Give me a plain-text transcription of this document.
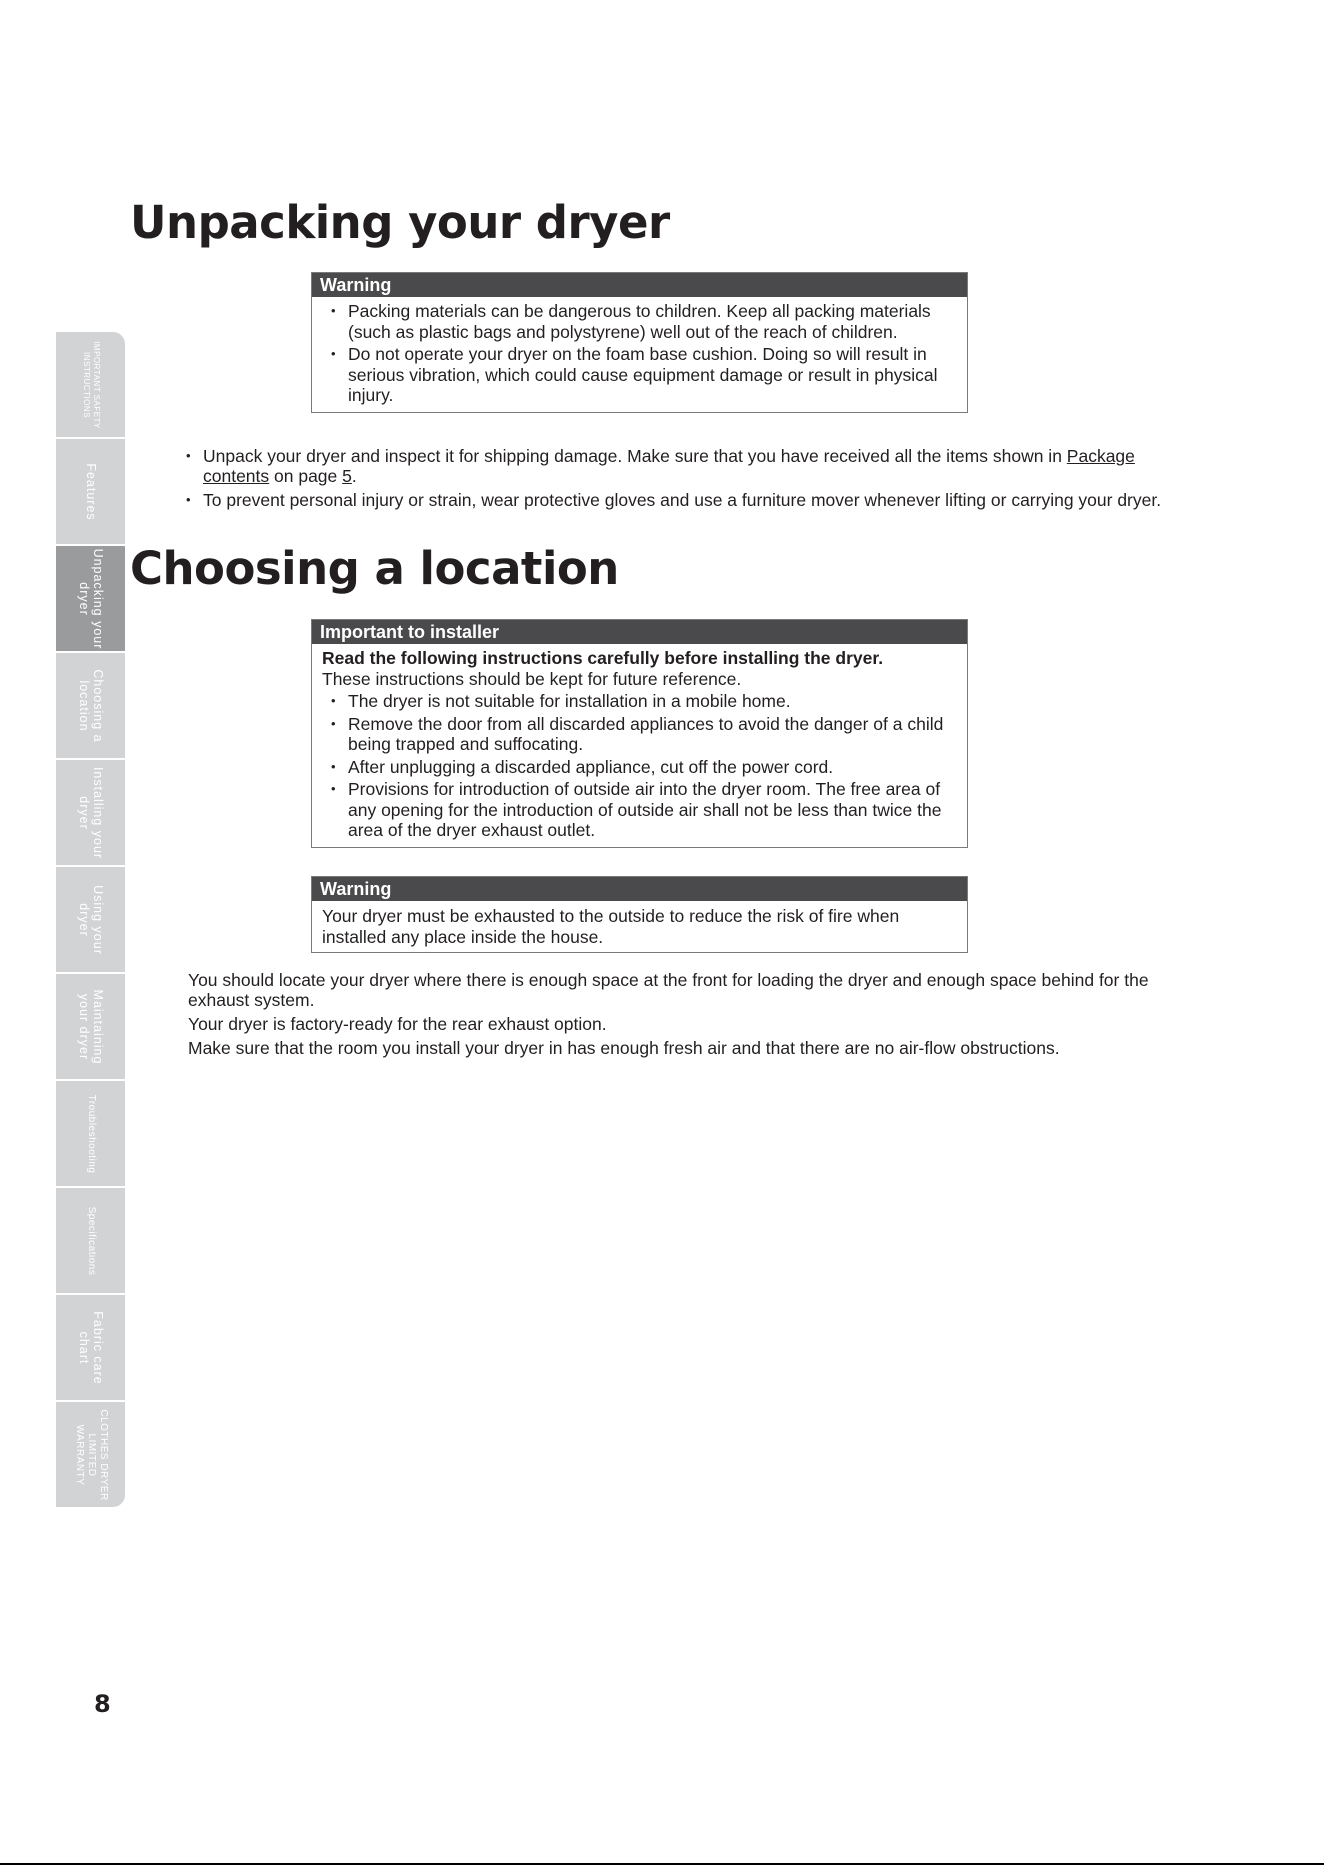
Unpacking your dryer
Warning
• Packing materials can be dangerous to children. Keep all packing materials (such as plastic bags and polystyrene) well out of the reach of children.
• Do not operate your dryer on the foam base cushion. Doing so will result in serious vibration, which could cause equipment damage or result in physical injury.
• Unpack your dryer and inspect it for shipping damage. Make sure that you have received all the items shown in Package contents on page 5.
• To prevent personal injury or strain, wear protective gloves and use a furniture mover whenever lifting or carrying your dryer.
Choosing a location
Important to installer
Read the following instructions carefully before installing the dryer.
These instructions should be kept for future reference.
• The dryer is not suitable for installation in a mobile home.
• Remove the door from all discarded appliances to avoid the danger of a child being trapped and suffocating.
• After unplugging a discarded appliance, cut off the power cord.
• Provisions for introduction of outside air into the dryer room. The free area of any opening for the introduction of outside air shall not be less than twice the area of the dryer exhaust outlet.
Warning
Your dryer must be exhausted to the outside to reduce the risk of fire when installed any place inside the house.

You should locate your dryer where there is enough space at the front for loading the dryer and enough space behind for the exhaust system.

Your dryer is factory-ready for the rear exhaust option.

Make sure that the room you install your dryer in has enough fresh air and that there are no air-flow obstructions.

IMPORTANT SAFETY INSTRUCTIONS
Features
Unpacking your dryer
Choosing a location
Installing your dryer
Using your dryer
Maintaining your dryer
Troubleshooting
Specifications
Fabric care chart
CLOTHES DRYER LIMITED WARRANTY
8
